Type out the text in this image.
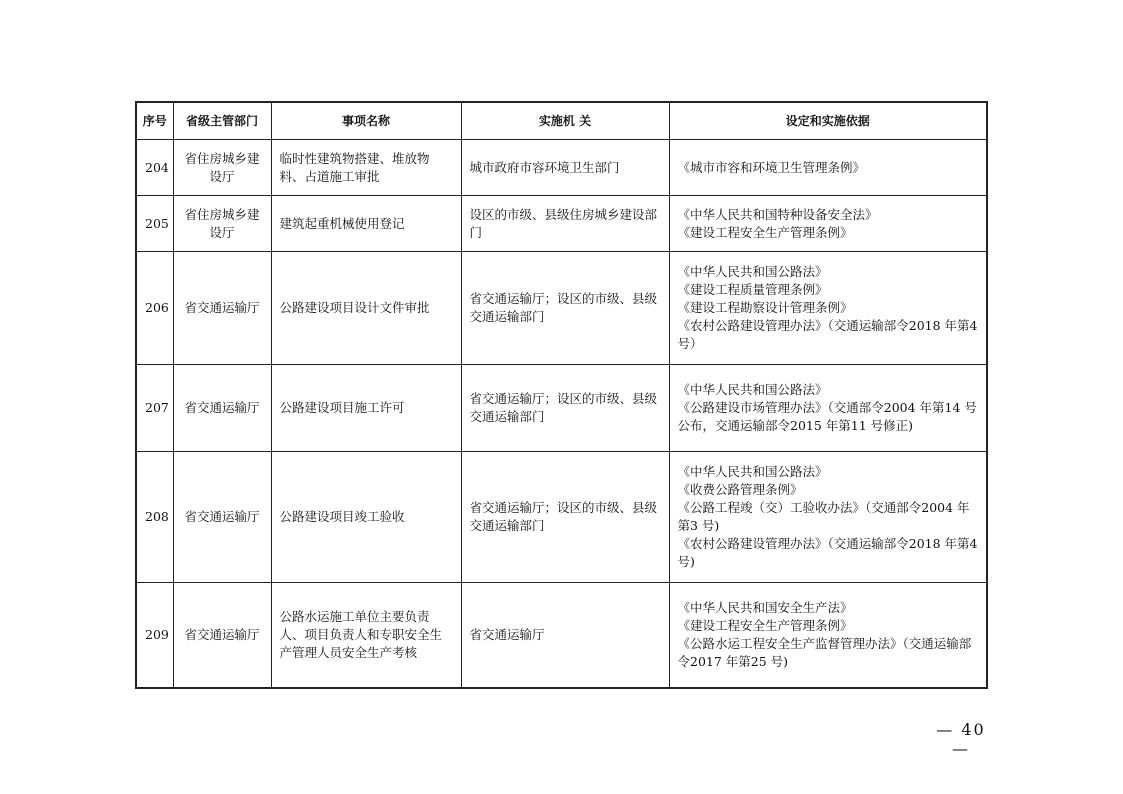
序号	省级主管部门	事项名称	实施机 关	设定和实施依据
204	省住房城乡建设厅	临时性建筑物搭建、堆放物料、占道施工审批	城市政府市容环境卫生部门	《城市市容和环境卫生管理条例》

205	省住房城乡建设厅	建筑起重机械使用登记	设区的市级、县级住房城乡建设部门	《中华人民共和国特种设备安全法》
《建设工程安全生产管理条例》

206	省交通运输厅	公路建设项目设计文件审批	省交通运输厅；设区的市级、县级交通运输部门	《中华人民共和国公路法》
《建设工程质量管理条例》
《建设工程勘察设计管理条例》
《农村公路建设管理办法》（交通运输部令2018 年第4 号）

207	省交通运输厅	公路建设项目施工许可	省交通运输厅；设区的市级、县级交通运输部门	《中华人民共和国公路法》
《公路建设市场管理办法》（交通部令2004 年第14 号公布，交通运输部令2015 年第11 号修正)

208	省交通运输厅	公路建设项目竣工验收	省交通运输厅；设区的市级、县级交通运输部门	《中华人民共和国公路法》
《收费公路管理条例》
《公路工程竣（交）工验收办法》（交通部令2004 年第3 号)
《农村公路建设管理办法》（交通运输部令2018 年第4 号)

209	省交通运输厅	公路水运施工单位主要负责人、项目负责人和专职安全生产管理人员安全生产考核	省交通运输厅	《中华人民共和国安全生产法》
《建设工程安全生产管理条例》
《公路水运工程安全生产监督管理办法》（交通运输部令2017 年第25 号)
— 40 —
